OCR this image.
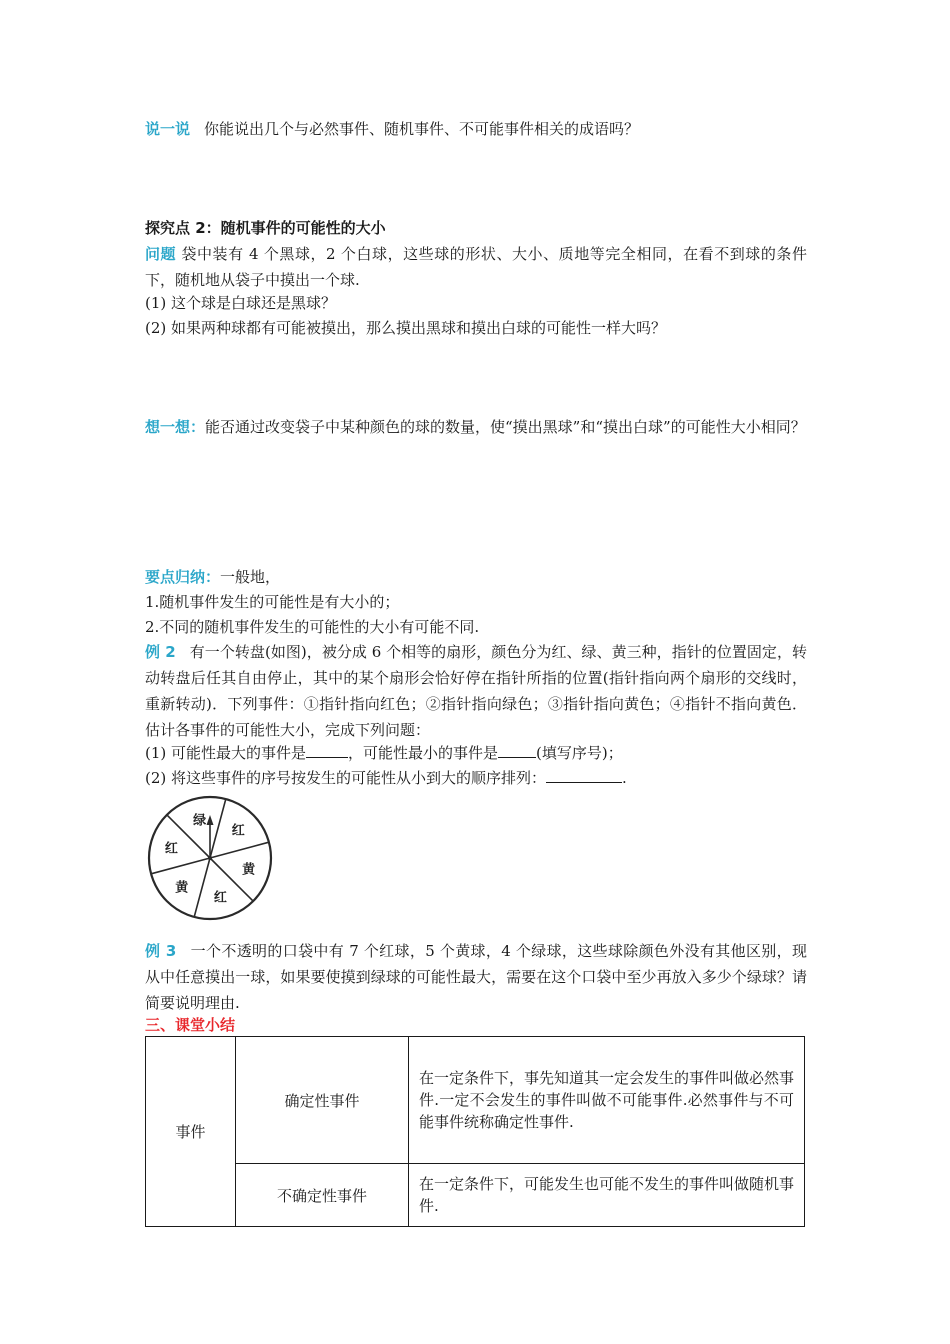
说一说 你能说出几个与必然事件、随机事件、不可能事件相关的成语吗？
探究点 2：随机事件的可能性的大小
问题 袋中装有 4 个黑球，2 个白球，这些球的形状、大小、质地等完全相同，在看不到球的条件下，随机地从袋子中摸出一个球.
(1) 这个球是白球还是黑球？
(2) 如果两种球都有可能被摸出，那么摸出黑球和摸出白球的可能性一样大吗？
想一想：能否通过改变袋子中某种颜色的球的数量，使“摸出黑球”和“摸出白球”的可能性大小相同？
要点归纳：一般地，
1.随机事件发生的可能性是有大小的；
2.不同的随机事件发生的可能性的大小有可能不同.
例 2 有一个转盘(如图)，被分成 6 个相等的扇形，颜色分为红、绿、黄三种，指针的位置固定，转动转盘后任其自由停止，其中的某个扇形会恰好停在指针所指的位置(指针指向两个扇形的交线时，重新转动)．下列事件：①指针指向红色；②指针指向绿色；③指针指向黄色；④指针不指向黄色．估计各事件的可能性大小，完成下列问题：
(1) 可能性最大的事件是	，可能性最小的事件是	(填写序号)；
(2) 将这些事件的序号按发生的可能性从小到大的顺序排列：	.
绿
红
黄
红
黄
红
例 3 一个不透明的口袋中有 7 个红球，5 个黄球，4 个绿球，这些球除颜色外没有其他区别，现从中任意摸出一球，如果要使摸到绿球的可能性最大，需要在这个口袋中至少再放入多少个绿球？请简要说明理由.
三、课堂小结
事件	确定性事件	在一定条件下，事先知道其一定会发生的事件叫做必然事件.一定不会发生的事件叫做不可能事件.必然事件与不可能事件统称确定性事件.
	不确定性事件	在一定条件下，可能发生也可能不发生的事件叫做随机事件.
